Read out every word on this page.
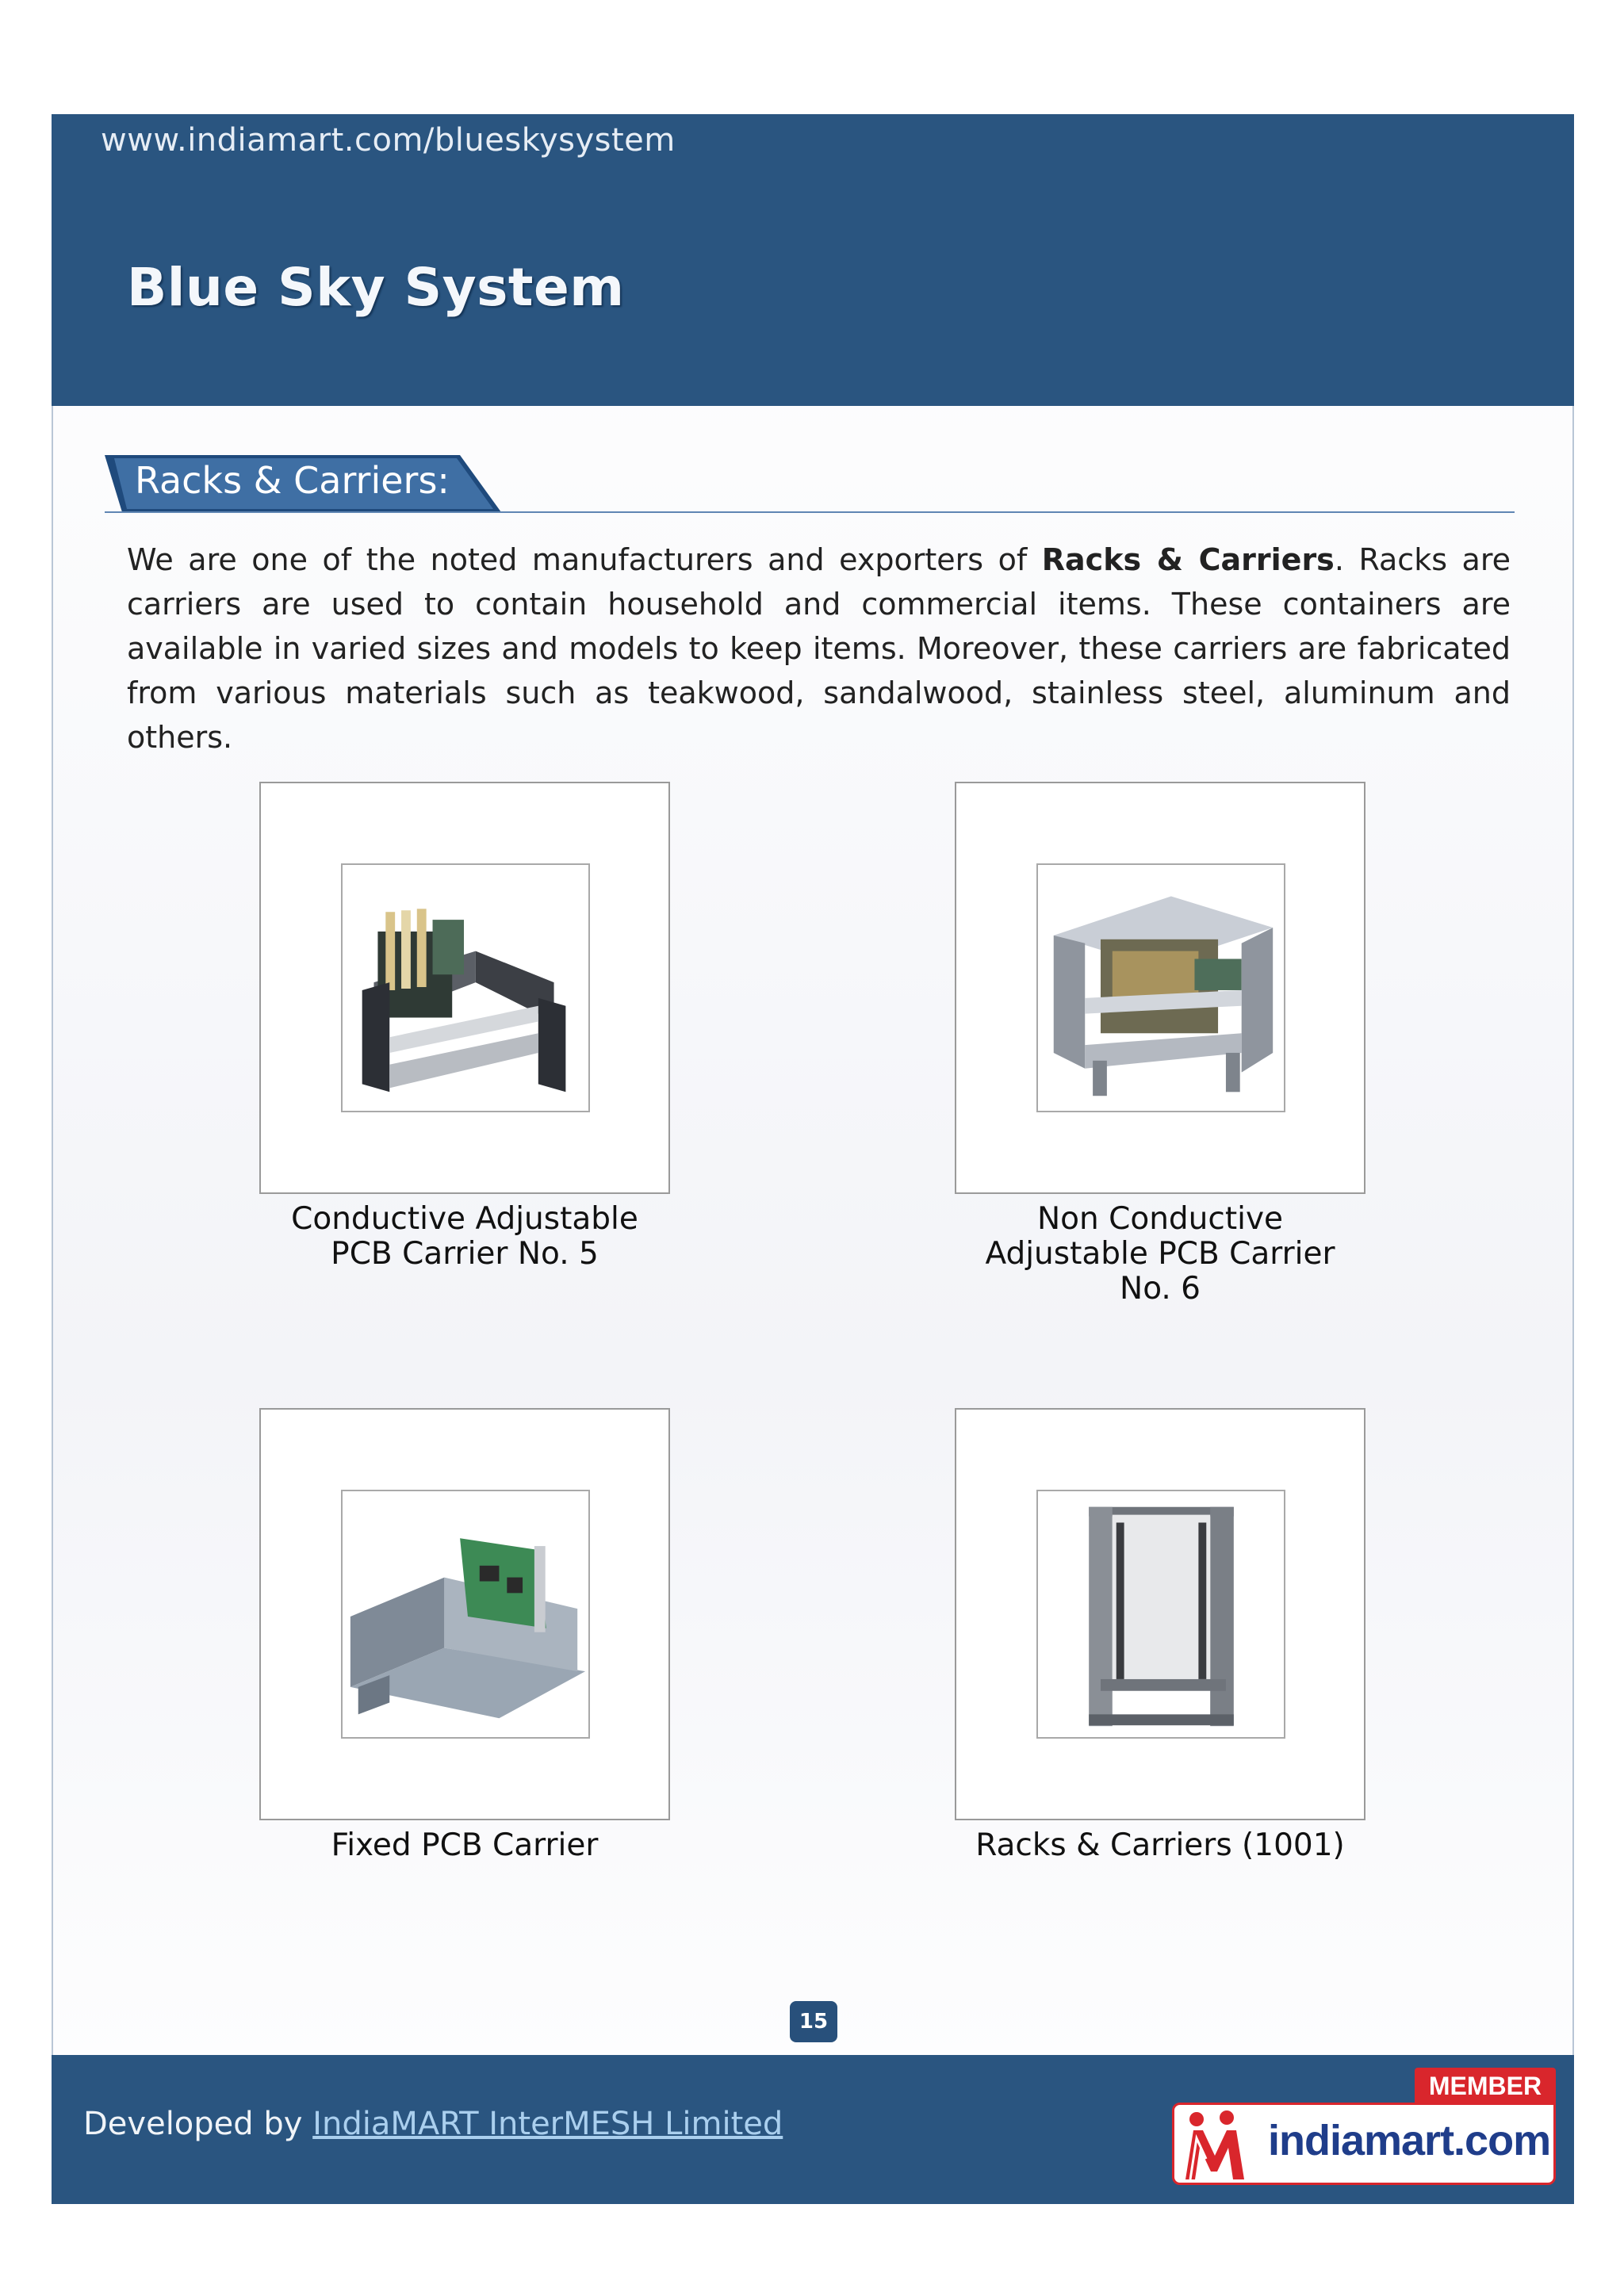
www.indiamart.com/blueskysystem
Blue Sky System
Racks & Carriers:

We are one of the noted manufacturers and exporters of Racks & Carriers. Racks are carriers are used to contain household and commercial items. These containers are available in varied sizes and models to keep items. Moreover, these carriers are fabricated from various materials such as teakwood, sandalwood, stainless steel, aluminum and others.

Conductive Adjustable
PCB Carrier No. 5
Non Conductive
Adjustable PCB Carrier
No. 6
Fixed PCB Carrier	Racks & Carriers (1001)
15
Developed by IndiaMART InterMESH Limited
MEMBER
indiamart.com
